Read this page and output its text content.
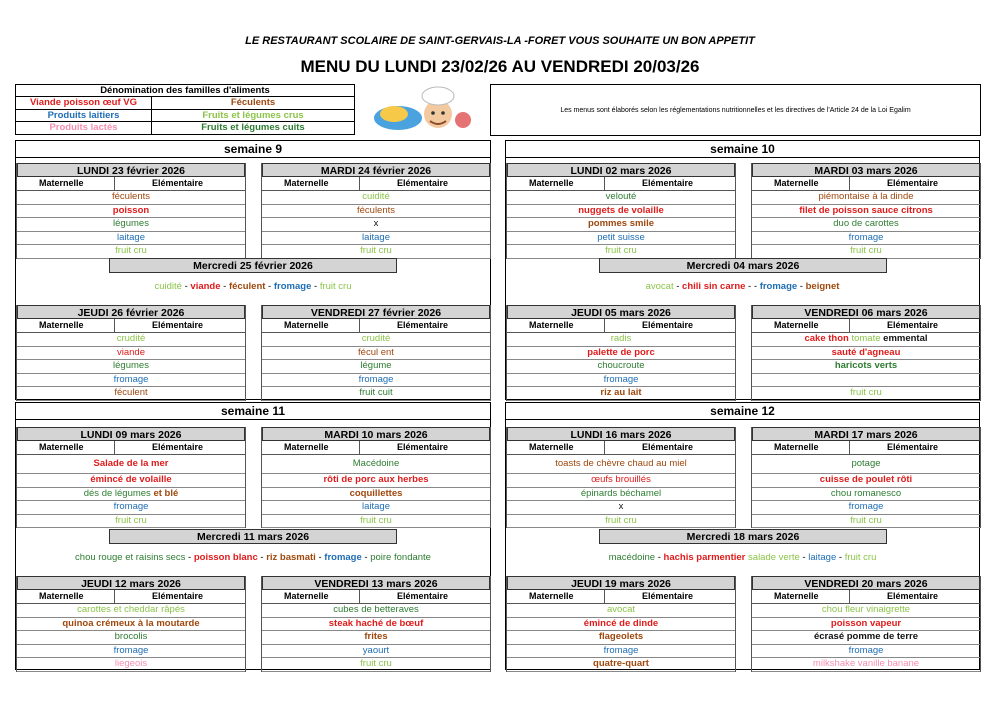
LE RESTAURANT SCOLAIRE DE SAINT-GERVAIS-LA -FORET VOUS SOUHAITE UN BON APPETIT
MENU DU LUNDI 23/02/26 AU VENDREDI 20/03/26
Dénomination des familles d'aliments
Viande poisson œuf VG	Féculents
Produits laitiers	Fruits et légumes crus
Produits lactés	Fruits et légumes cuits
Les menus sont élaborés selon les réglementations nutritionnelles et les directives de l'Article 24 de la Loi Egalim
semaine 9
LUNDI 23 février 2026
Maternelle	Elémentaire
féculents
poisson
légumes
laitage
fruit cru
MARDI 24 février 2026
Maternelle	Elémentaire
cuidité
féculents
x
laitage
fruit cru
Mercredi 25 février 2026
cuidité - viande - féculent - fromage - fruit cru
JEUDI 26 février 2026
Maternelle	Elémentaire
crudité
viande
légumes
fromage
féculent
VENDREDI 27 février 2026
Maternelle	Elémentaire
crudité
fécul ent
légume
fromage
fruit cuit
semaine 10
LUNDI 02 mars 2026
Maternelle	Elémentaire
velouté
nuggets de volaille
pommes smile
petit suisse
fruit cru
MARDI 03 mars 2026
Maternelle	Elémentaire
piémontaise à la dinde
filet de poisson sauce citrons
duo de carottes
fromage
fruit cru
Mercredi 04 mars 2026
avocat - chili sin carne - - fromage - beignet
JEUDI 05 mars 2026
Maternelle	Elémentaire
radis
palette de porc
choucroute
fromage
riz au lait
VENDREDI 06 mars 2026
Maternelle	Elémentaire
cake thon tomate emmental
sauté d'agneau
haricots verts
fruit cru
semaine 11
LUNDI 09 mars 2026
Maternelle	Elémentaire
Salade de la mer
émincé de volaille
dés de légumes et blé
fromage
fruit cru
MARDI 10 mars 2026
Maternelle	Elémentaire
Macédoine
rôti de porc aux herbes
coquillettes
laitage
fruit cru
Mercredi 11 mars 2026
chou rouge et raisins secs - poisson blanc - riz basmati - fromage - poire fondante
JEUDI 12 mars 2026
Maternelle	Elémentaire
carottes et cheddar râpés
quinoa crémeux à la moutarde
brocolis
fromage
liegeois
VENDREDI 13 mars 2026
Maternelle	Elémentaire
cubes de betteraves
steak haché de bœuf
frites
yaourt
fruit cru
semaine 12
LUNDI 16 mars 2026
Maternelle	Elémentaire
toasts de chèvre chaud au miel
œufs brouillés
épinards béchamel
x
fruit cru
MARDI 17 mars 2026
Maternelle	Elémentaire
potage
cuisse de poulet rôti
chou romanesco
fromage
fruit cru
Mercredi 18 mars 2026
macédoine - hachis parmentier salade verte - laitage - fruit cru
JEUDI 19 mars 2026
Maternelle	Elémentaire
avocat
émincé de dinde
flageolets
fromage
quatre-quart
VENDREDI 20 mars 2026
Maternelle	Elémentaire
chou fleur vinaigrette
poisson vapeur
écrasé pomme de terre
fromage
milkshake vanille banane
